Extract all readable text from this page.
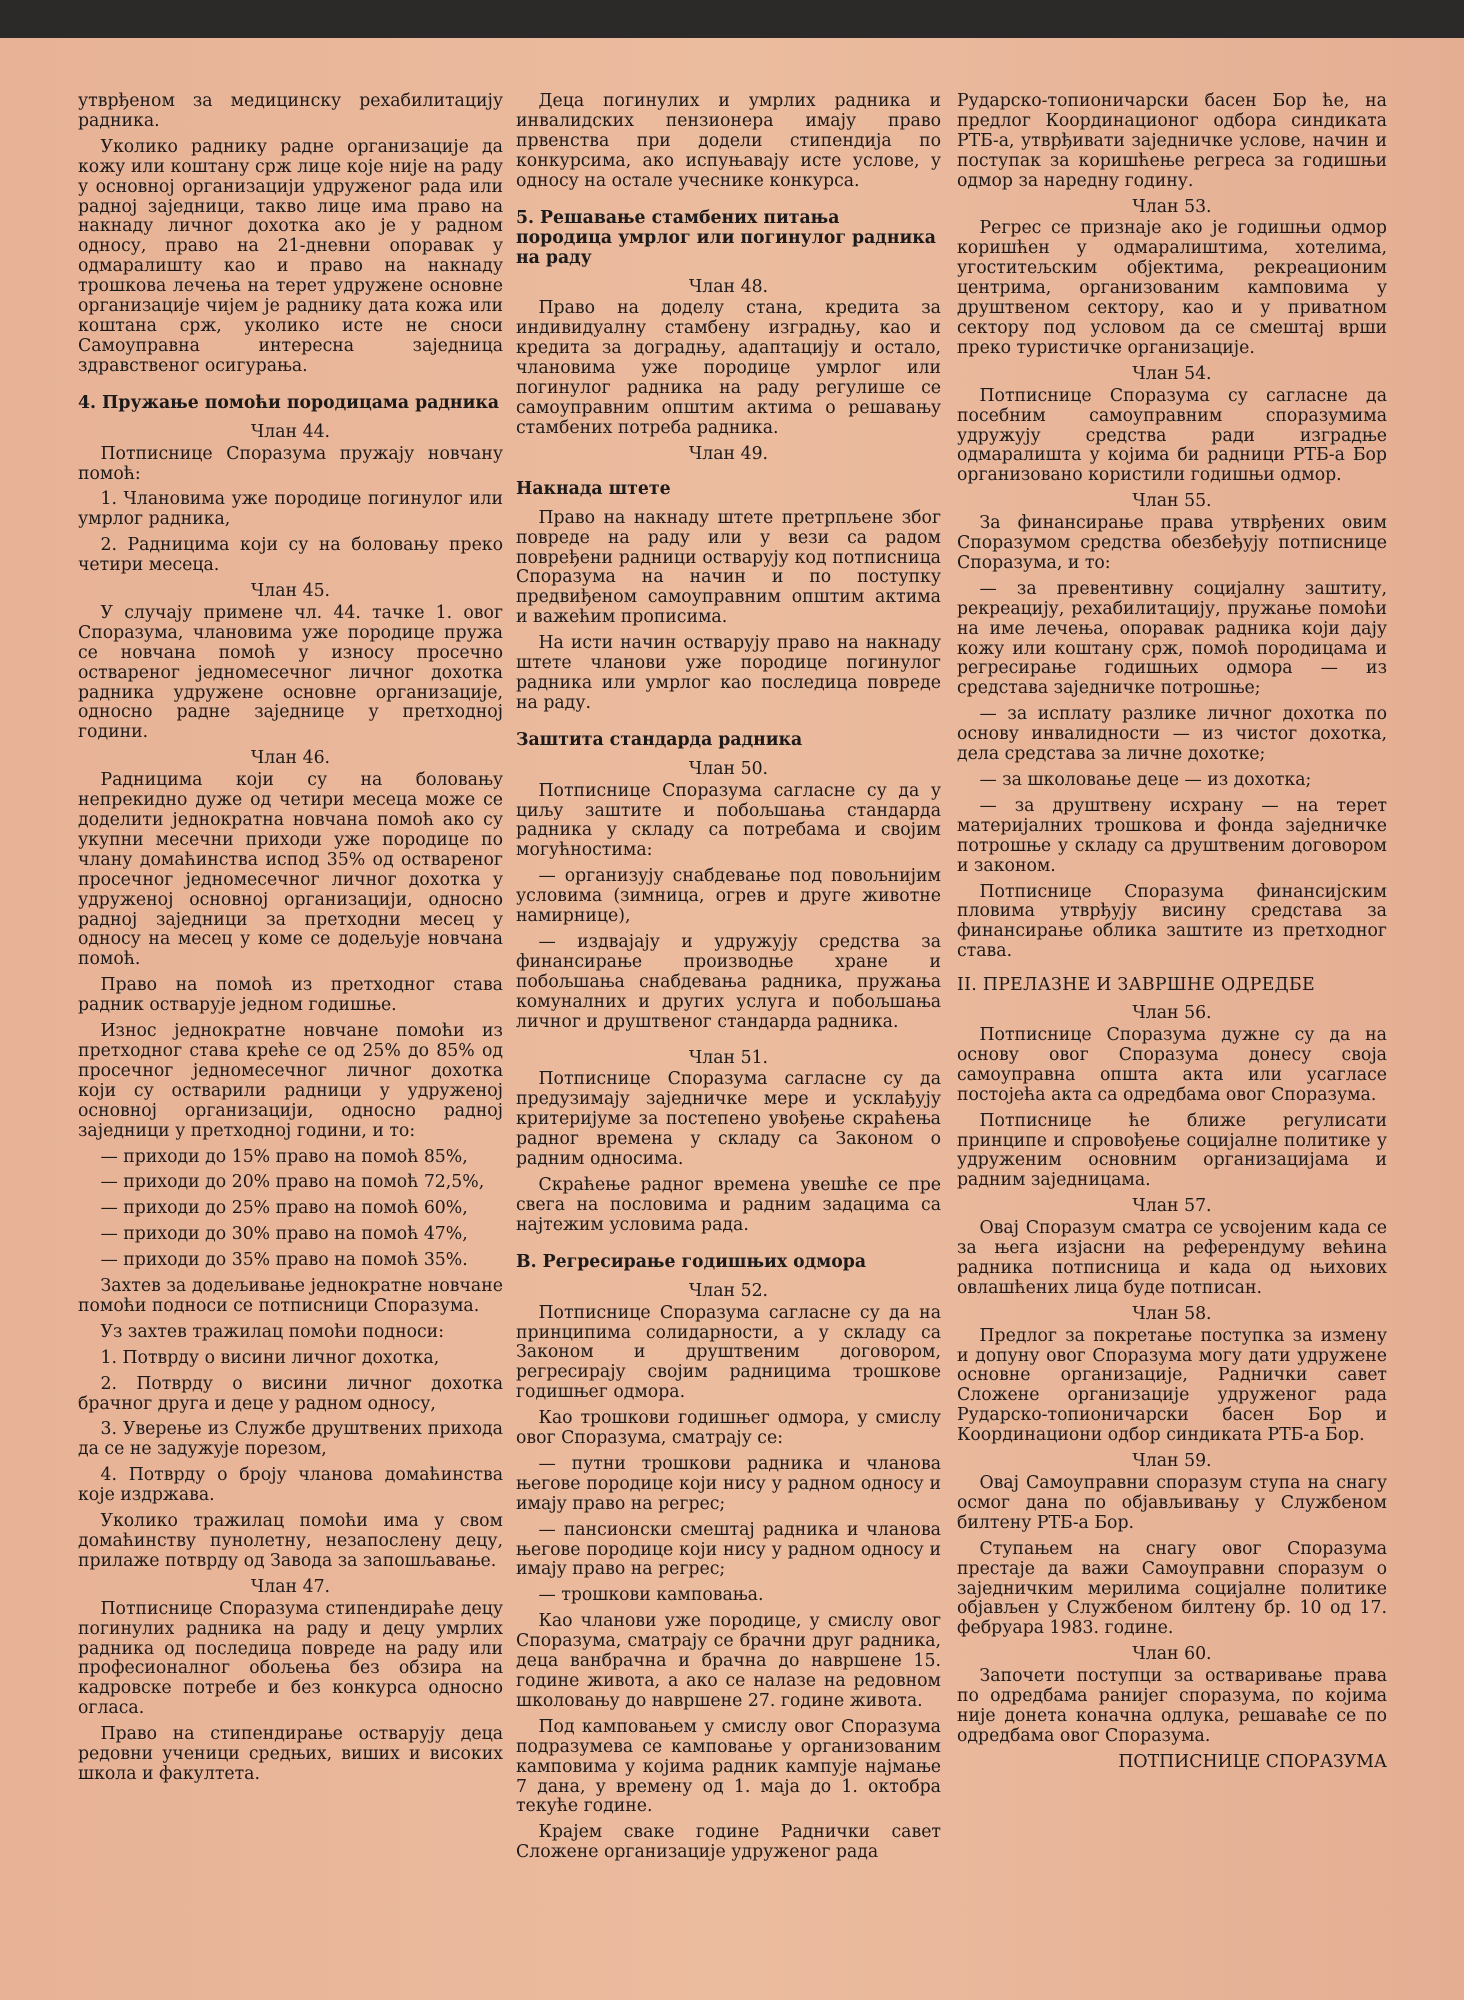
утврђеном за медицинску рехабилитацију радника.

Уколико раднику радне организације да кожу или коштану срж лице које није на раду у основној организацији удруженог рада или радној заједници, такво лице има право на накнаду личног дохотка ако је у радном односу, право на 21-дневни опоравак у одмаралишту као и право на накнаду трошкова лечења на терет удружене основне организације чијем је раднику дата кожа или коштана срж, уколико исте не сноси Самоуправна интересна заједница здравственог осигурања.

4. Пружање помоћи породицама радника
Члан 44.

Потписнице Споразума пружају новчану помоћ:

1. Члановима уже породице погинулог или умрлог радника,

2. Радницима који су на боловању преко четири месеца.

Члан 45.

У случају примене чл. 44. тачке 1. овог Споразума, члановима уже породице пружа се новчана помоћ у износу просечно оствареног једномесечног личног дохотка радника удружене основне организације, односно радне заједнице у претходној години.

Члан 46.

Радницима који су на боловању непрекидно дуже од четири месеца може се доделити једнократна новчана помоћ ако су укупни месечни приходи уже породице по члану домаћинства испод 35% од оствареног просечног једномесечног личног дохотка у удруженој основној организацији, односно радној заједници за претходни месец у односу на месец у коме се додељује новчана помоћ.

Право на помоћ из претходног става радник остварује једном годишње.

Износ једнократне новчане помоћи из претходног става креће се од 25% до 85% од просечног једномесечног личног дохотка који су остварили радници у удруженој основној организацији, односно радној заједници у претходној години, и то:

— приходи до 15% право на помоћ 85%,

— приходи до 20% право на помоћ 72,5%,

— приходи до 25% право на помоћ 60%,

— приходи до 30% право на помоћ 47%,

— приходи до 35% право на помоћ 35%.

Захтев за додељивање једнократне новчане помоћи подноси се потписници Споразума.

Уз захтев тражилац помоћи подноси:

1. Потврду о висини личног дохотка,

2. Потврду о висини личног дохотка брачног друга и деце у радном односу,

3. Уверење из Службе друштвених прихода да се не задужује порезом,

4. Потврду о броју чланова домаћинства које издржава.

Уколико тражилац помоћи има у свом домаћинству пунолетну, незапослену децу, прилаже потврду од Завода за запошљавање.

Члан 47.

Потписнице Споразума стипендираће децу погинулих радника на раду и децу умрлих радника од последица повреде на раду или професионалног обољења без обзира на кадровске потребе и без конкурса односно огласа.

Право на стипендирање остварују деца редовни ученици средњих, виших и високих школа и факултета.

Деца погинулих и умрлих радника и инвалидских пензионера имају право првенства при додели стипендија по конкурсима, ако испуњавају исте услове, у односу на остале учеснике конкурса.

5. Решавање стамбених питања породица умрлог или погинулог радника на раду
Члан 48.

Право на доделу стана, кредита за индивидуалну стамбену изградњу, као и кредита за доградњу, адаптацију и остало, члановима уже породице умрлог или погинулог радника на раду регулише се самоуправним општим актима о решавању стамбених потреба радника.

Члан 49.
Накнада штете

Право на накнаду штете претрпљене због повреде на раду или у вези са радом повређени радници остварују код потписница Споразума на начин и по поступку предвиђеном самоуправним општим актима и важећим прописима.

На исти начин остварују право на накнаду штете чланови уже породице погинулог радника или умрлог као последица повреде на раду.

Заштита стандарда радника
Члан 50.

Потписнице Споразума сагласне су да у циљу заштите и побољшања стандарда радника у складу са потребама и својим могућностима:

— организују снабдевање под повољнијим условима (зимница, огрев и друге животне намирнице),

— издвајају и удружују средства за финансирање производње хране и побољшања снабдевања радника, пружања комуналних и других услуга и побољшања личног и друштвеног стандарда радника.

Члан 51.

Потписнице Споразума сагласне су да предузимају заједничке мере и усклађују критеријуме за постепено увођење скраћења радног времена у складу са Законом о радним односима.

Скраћење радног времена увешће се пре свега на пословима и радним задацима са најтежим условима рада.

В. Регресирање годишњих одмора
Члан 52.

Потписнице Споразума сагласне су да на принципима солидарности, а у складу са Законом и друштвеним договором, регресирају својим радницима трошкове годишњег одмора.

Као трошкови годишњег одмора, у смислу овог Споразума, сматрају се:

— путни трошкови радника и чланова његове породице који нису у радном односу и имају право на регрес;

— пансионски смештај радника и чланова његове породице који нису у радном односу и имају право на регрес;

— трошкови камповања.

Као чланови уже породице, у смислу овог Споразума, сматрају се брачни друг радника, деца ванбрачна и брачна до навршене 15. године живота, а ако се налазе на редовном школовању до навршене 27. године живота.

Под камповањем у смислу овог Споразума подразумева се камповање у организованим камповима у којима радник кампује најмање 7 дана, у времену од 1. маја до 1. октобра текуће године.

Крајем сваке године Раднички савет Сложене организације удруженог рада

Рударско-топионичарски басен Бор ће, на предлог Координационог одбора синдиката РТБ-а, утврђивати заједничке услове, начин и поступак за коришћење регреса за годишњи одмор за наредну годину.

Члан 53.

Регрес се признаје ако је годишњи одмор коришћен у одмаралиштима, хотелима, угоститељским објектима, рекреационим центрима, организованим камповима у друштвеном сектору, као и у приватном сектору под условом да се смештај врши преко туристичке организације.

Члан 54.

Потписнице Споразума су сагласне да посебним самоуправним споразумима удружују средства ради изградње одмаралишта у којима би радници РТБ-а Бор организовано користили годишњи одмор.

Члан 55.

За финансирање права утврђених овим Споразумом средства обезбеђују потписнице Споразума, и то:

— за превентивну социјалну заштиту, рекреацију, рехабилитацију, пружање помоћи на име лечења, опоравак радника који дају кожу или коштану срж, помоћ породицама и регресирање годишњих одмора — из средстава заједничке потрошње;

— за исплату разлике личног дохотка по основу инвалидности — из чистог дохотка, дела средстава за личне дохотке;

— за школовање деце — из дохотка;

— за друштвену исхрану — на терет материјалних трошкова и фонда заједничке потрошње у складу са друштвеним договором и законом.

Потписнице Споразума финансијским пловима утврђују висину средстава за финансирање облика заштите из претходног става.

II. ПРЕЛАЗНЕ И ЗАВРШНЕ ОДРЕДБЕ
Члан 56.

Потписнице Споразума дужне су да на основу овог Споразума донесу своја самоуправна општа акта или усагласе постојећа акта са одредбама овог Споразума.

Потписнице ће ближе регулисати принципе и спровођење социјалне политике у удруженим основним организацијама и радним заједницама.

Члан 57.

Овај Споразум сматра се усвојеним када се за њега изјасни на референдуму већина радника потписница и када од њихових овлашћених лица буде потписан.

Члан 58.

Предлог за покретање поступка за измену и допуну овог Споразума могу дати удружене основне организације, Раднички савет Сложене организације удруженог рада Рударско-топионичарски басен Бор и Координациони одбор синдиката РТБ-а Бор.

Члан 59.

Овај Самоуправни споразум ступа на снагу осмог дана по објављивању у Службеном билтену РТБ-а Бор.

Ступањем на снагу овог Споразума престаје да важи Самоуправни споразум о заједничким мерилима социјалне политике објављен у Службеном билтену бр. 10 од 17. фебруара 1983. године.

Члан 60.

Започети поступци за остваривање права по одредбама ранијег споразума, по којима није донета коначна одлука, решаваће се по одредбама овог Споразума.

ПОТПИСНИЦЕ СПОРАЗУМА
